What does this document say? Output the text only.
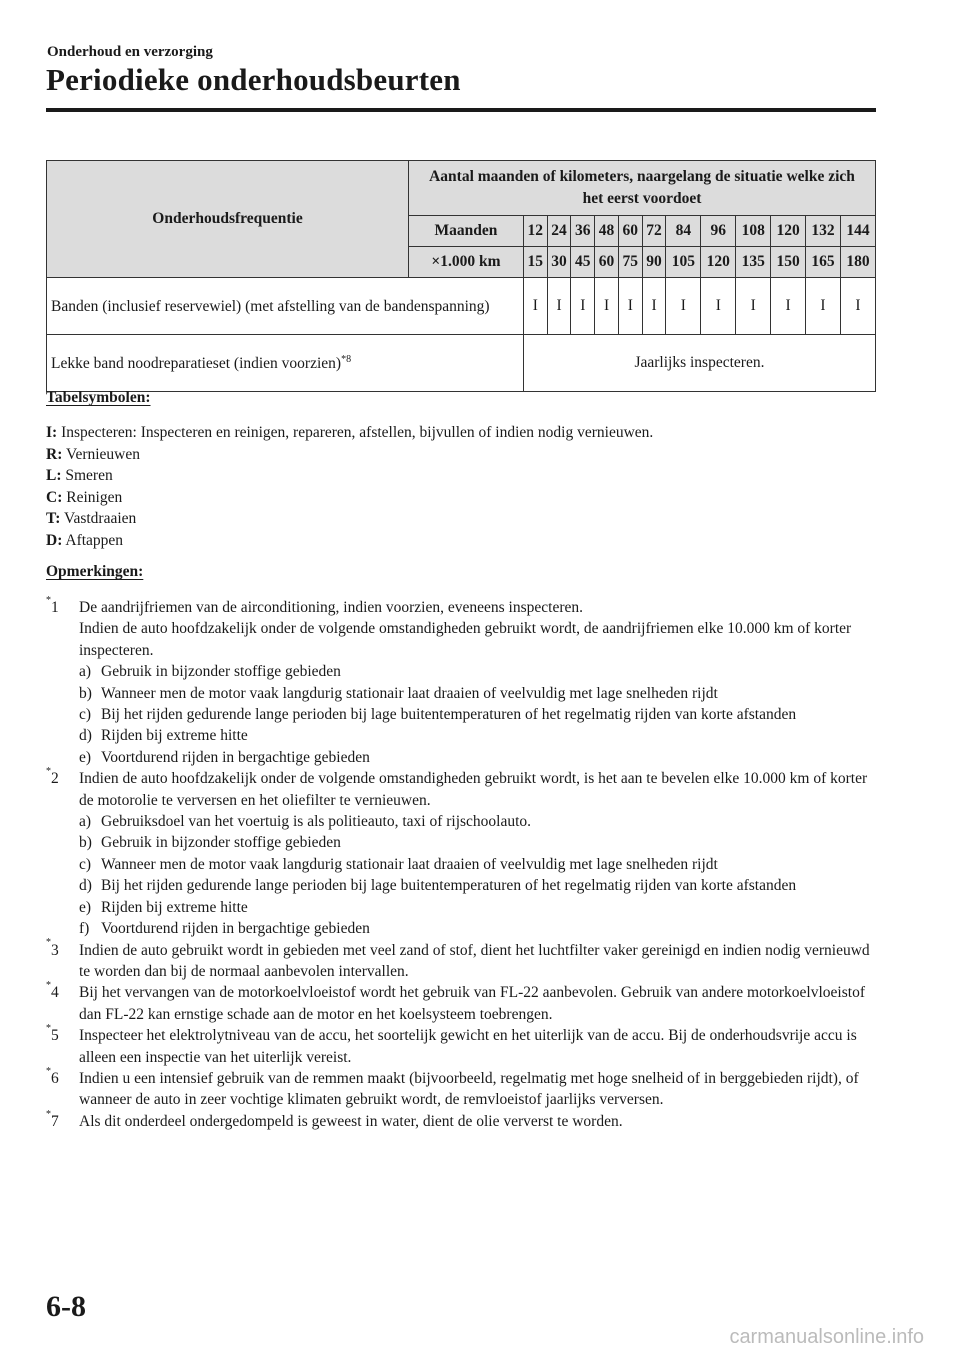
Onderhoud en verzorging
Periodieke onderhoudsbeurten
Onderhoudsfrequentie	Aantal maanden of kilometers, naargelang de situatie welke zich het eerst voordoet												
	Maanden	12	24	36	48	60	72	84	96	108	120	132	144
	×1.000 km	15	30	45	60	75	90	105	120	135	150	165	180
Banden (inclusief reservewiel) (met afstelling van de bandenspanning)		I	I	I	I	I	I	I	I	I	I	I	I
Lekke band noodreparatieset (indien voorzien)$^{*8}$		Jaarlijks inspecteren.											
Tabelsymbolen:
I: Inspecteren: Inspecteren en reinigen, repareren, afstellen, bijvullen of indien nodig vernieuwen.
R: Vernieuwen
L: Smeren
C: Reinigen
T: Vastdraaien
D: Aftappen
Opmerkingen:
*1 De aandrijfriemen van de airconditioning, indien voorzien, eveneens inspecteren.
Indien de auto hoofdzakelijk onder de volgende omstandigheden gebruikt wordt, de aandrijfriemen elke 10.000 km of korter inspecteren.
a) Gebruik in bijzonder stoffige gebieden
b) Wanneer men de motor vaak langdurig stationair laat draaien of veelvuldig met lage snelheden rijdt
c) Bij het rijden gedurende lange perioden bij lage buitentemperaturen of het regelmatig rijden van korte afstanden
d) Rijden bij extreme hitte
e) Voortdurend rijden in bergachtige gebieden
*2 Indien de auto hoofdzakelijk onder de volgende omstandigheden gebruikt wordt, is het aan te bevelen elke 10.000 km of korter de motorolie te verversen en het oliefilter te vernieuwen.
a) Gebruiksdoel van het voertuig is als politieauto, taxi of rijschoolauto.
b) Gebruik in bijzonder stoffige gebieden
c) Wanneer men de motor vaak langdurig stationair laat draaien of veelvuldig met lage snelheden rijdt
d) Bij het rijden gedurende lange perioden bij lage buitentemperaturen of het regelmatig rijden van korte afstanden
e) Rijden bij extreme hitte
f) Voortdurend rijden in bergachtige gebieden
*3 Indien de auto gebruikt wordt in gebieden met veel zand of stof, dient het luchtfilter vaker gereinigd en indien nodig vernieuwd te worden dan bij de normaal aanbevolen intervallen.
*4 Bij het vervangen van de motorkoelvloeistof wordt het gebruik van FL-22 aanbevolen. Gebruik van andere motorkoelvloeistof dan FL-22 kan ernstige schade aan de motor en het koelsysteem toebrengen.
*5 Inspecteer het elektrolytniveau van de accu, het soortelijk gewicht en het uiterlijk van de accu. Bij de onderhoudsvrije accu is alleen een inspectie van het uiterlijk vereist.
*6 Indien u een intensief gebruik van de remmen maakt (bijvoorbeeld, regelmatig met hoge snelheid of in berggebieden rijdt), of wanneer de auto in zeer vochtige klimaten gebruikt wordt, de remvloeistof jaarlijks verversen.
*7 Als dit onderdeel ondergedompeld is geweest in water, dient de olie ververst te worden.
6-8
carmanualsonline.info
